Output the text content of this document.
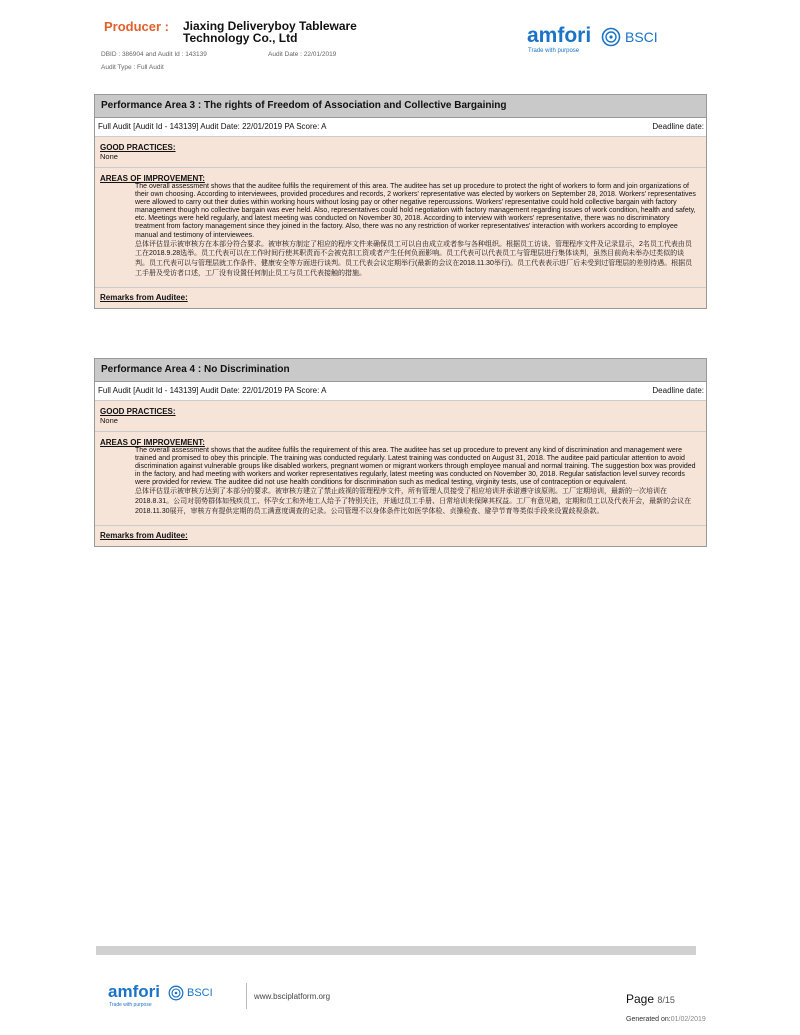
Producer : Jiaxing Deliveryboy Tableware Technology Co., Ltd
DBID : 386904 and Audit Id : 143139	Audit Date : 22/01/2019
Audit Type : Full Audit
amfori
Trade with purpose
BSCI
Performance Area 3 : The rights of Freedom of Association and Collective Bargaining
Full Audit [Audit Id - 143139] Audit Date: 22/01/2019 PA Score: A	Deadline date:
GOOD PRACTICES:
None
AREAS OF IMPROVEMENT:

The overall assessment shows that the auditee fulfils the requirement of this area. The auditee has set up procedure to protect the right of workers to form and join organizations of their own choosing. According to interviewees, provided procedures and records, 2 workers' representative was elected by workers on September 28, 2018. Workers' representatives were allowed to carry out their duties within working hours without losing pay or other negative repercussions. Workers' representative could hold collective bargain with factory management though no collective bargain was ever held. Also, representatives could hold negotiation with factory management regarding issues of work condition, health and safety, etc. Meetings were held regularly, and latest meeting was conducted on November 30, 2018. According to interview with workers' representative, there was no discriminatory treatment from factory management since they joined in the factory. Also, there was no any restriction of worker representatives' interaction with workers according to employee manual and testimony of interviewees.

总体评估显示被审核方在本部分符合要求。被审核方制定了相应的程序文件来确保员工可以自由成立或者参与各种组织。根据员工访谈、管理程序文件及记录显示，2名员工代表由员工在2018.9.28选举。员工代表可以在工作时间行使其职责而不会被克扣工资或者产生任何负面影响。员工代表可以代表员工与管理层进行集体谈判，虽然目前尚未举办过类似的谈判。员工代表可以与管理层就工作条件、健康安全等方面进行谈判。员工代表会议定期举行(最新的会议在2018.11.30举行)。员工代表表示进厂后未受到过管理层的差别待遇。根据员工手册及受访者口述，工厂没有设置任何制止员工与员工代表接触的措施。

Remarks from Auditee:
Performance Area 4 : No Discrimination
Full Audit [Audit Id - 143139] Audit Date: 22/01/2019 PA Score: A	Deadline date:
GOOD PRACTICES:
None
AREAS OF IMPROVEMENT:

The overall assessment shows that the auditee fulfils the requirement of this area. The auditee has set up procedure to prevent any kind of discrimination and management were trained and promised to obey this principle. The training was conducted regularly. Latest training was conducted on August 31, 2018. The auditee paid particular attention to avoid discrimination against vulnerable groups like disabled workers, pregnant women or migrant workers through employee manual and normal training. The suggestion box was provided in the factory, and had meeting with workers and worker representatives regularly, latest meeting was conducted on November 30, 2018. Regular satisfaction level survey records were provided for review. The auditee did not use health conditions for discrimination such as medical testing, virginity tests, use of contraception or equivalent.

总体评估显示被审核方达到了本部分的要求。被审核方建立了禁止歧视的管理程序文件，所有管理人员接受了相应培训并承诺遵守该原则。工厂定期培训，最新的一次培训在2018.8.31。公司对弱势群体如残疾员工、怀孕女工和外地工人给予了特别关注，并通过员工手册、日常培训来保障其权益。工厂有意见箱，定期和员工以及代表开会，最新的会议在2018.11.30展开，审核方有提供定期的员工满意度调查的记录。公司管理不以身体条件比如医学体检、贞操检查、避孕节育等类似手段来设置歧视条款。

Remarks from Auditee:
amfori
Trade with purpose
BSCI	www.bsciplatform.org	Page 8/15
Generated on:01/02/2019
